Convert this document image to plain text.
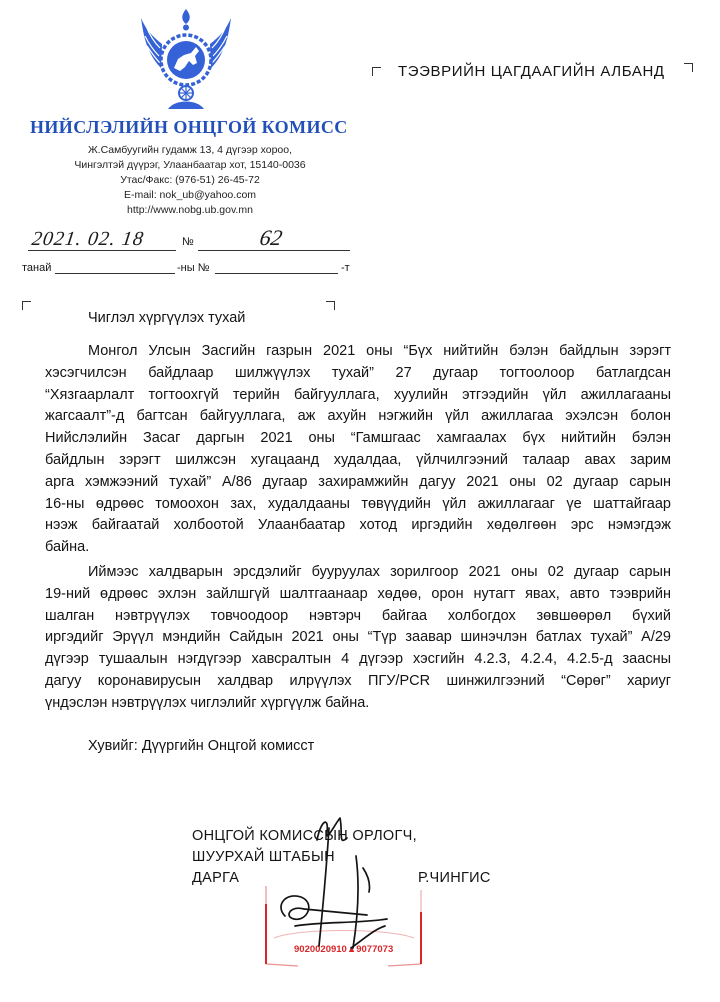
НИЙСЛЭЛИЙН ОНЦГОЙ КОМИСС
Ж.Самбуугийн гудамж 13, 4 дүгээр хороо,
Чингэлтэй дүүрэг, Улаанбаатар хот, 15140-0036
Утас/Факс: (976-51) 26-45-72
E-mail: nok_ub@yahoo.com
http://www.nobg.ub.gov.mn
2021. 02. 18	№	62
танай	-ны №	-т
ТЭЭВРИЙН ЦАГДААГИЙН АЛБАНД
Чиглэл хүргүүлэх тухай
Монгол Улсын Засгийн газрын 2021 оны “Бүх нийтийн бэлэн байдлын зэрэгт
хэсэгчилсэн байдлаар шилжүүлэх тухай” 27 дугаар тогтоолоор батлагдсан
“Хязгаарлалт тогтоохгүй терийн байгууллага, хуулийн этгээдийн үйл ажиллагааны
жагсаалт”-д багтсан байгууллага, аж ахуйн нэгжийн үйл ажиллагаа эхэлсэн болон
Нийслэлийн Засаг даргын 2021 оны “Гамшгаас хамгаалах бүх нийтийн бэлэн
байдлын зэрэгт шилжсэн хугацаанд худалдаа, үйлчилгээний талаар авах зарим
арга хэмжээний тухай” А/86 дугаар захирамжийн дагуу 2021 оны 02 дугаар сарын
16-ны өдрөөс томоохон зах, худалдааны төвүүдийн үйл ажиллагааг үе шаттайгаар
нээж байгаатай холбоотой Улаанбаатар хотод иргэдийн хөдөлгөөн эрс нэмэгдэж
байна.
Иймээс халдварын эрсдэлийг бууруулах зорилгоор 2021 оны 02 дугаар сарын
19-ний өдрөөс эхлэн зайлшгүй шалтгаанаар хөдөө, орон нутагт явах, авто тээврийн
шалган нэвтрүүлэх товчоодоор нэвтэрч байгаа холбогдох зөвшөөрөл бүхий
иргэдийг Эрүүл мэндийн Сайдын 2021 оны “Түр заавар шинэчлэн батлах тухай” А/29
дүгээр тушаалын нэгдүгээр хавсралтын 4 дүгээр хэсгийн 4.2.3, 4.2.4, 4.2.5-д заасны
дагуу коронавирусын халдвар илрүүлэх ПГУ/PCR шинжилгээний “Сөрөг” хариуг
үндэслэн нэвтрүүлэх чиглэлийг хүргүүлж байна.
Хувийг: Дүүргийн Онцгой комисст
ОНЦГОЙ КОМИССЫН ОРЛОГЧ,
ШУУРХАЙ ШТАБЫН
ДАРГА	Р.ЧИНГИС
9020020910▲9077073
